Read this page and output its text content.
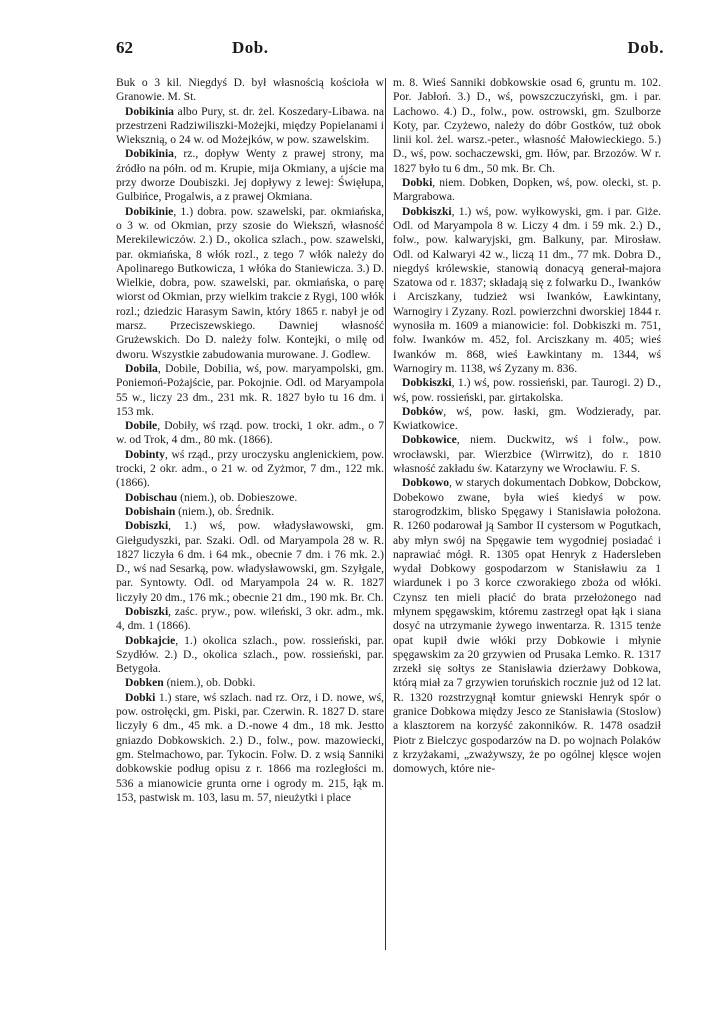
62	Dob.	Dob.

Buk o 3 kil. Niegdyś D. był własnością kościoła w Granowie. M. St.

Dobikinia albo Pury, st. dr. żel. Koszedary-Libawa. na przestrzeni Radziwiliszki-Możejki, między Popielanami i Wieksznią, o 24 w. od Możejków, w pow. szawelskim.

Dobikinia, rz., dopływ Wenty z prawej strony, ma źródło na półn. od m. Krupie, mija Okmiany, a ujście ma przy dworze Doubiszki. Jej dopływy z lewej: Święłupa, Gulbińce, Progalwis, a z prawej Okmiana.

Dobikinie, 1.) dobra. pow. szawelski, par. okmiańska, o 3 w. od Okmian, przy szosie do Wiekszń, własność Merekilewiczów. 2.) D., okolica szlach., pow. szawelski, par. okmiańska, 8 włók rozl., z tego 7 włók należy do Apolinarego Butkowicza, 1 włóka do Staniewicza. 3.) D. Wielkie, dobra, pow. szawelski, par. okmiańska, o parę wiorst od Okmian, przy wielkim trakcie z Rygi, 100 włók rozl.; dziedzic Harasym Sawin, który 1865 r. nabył je od marsz. Przeciszewskiego. Dawniej własność Grużewskich. Do D. należy folw. Kontejki, o milę od dworu. Wszystkie zabudowania murowane. J. Godlew.

Dobila, Dobile, Dobilia, wś, pow. maryampolski, gm. Poniemoń-Pożajście, par. Pokojnie. Odl. od Maryampola 55 w., liczy 23 dm., 231 mk. R. 1827 było tu 16 dm. i 153 mk.

Dobile, Dobiły, wś rząd. pow. trocki, 1 okr. adm., o 7 w. od Trok, 4 dm., 80 mk. (1866).

Dobinty, wś rząd., przy uroczysku anglenickiem, pow. trocki, 2 okr. adm., o 21 w. od Zyżmor, 7 dm., 122 mk. (1866).

Dobischau (niem.), ob. Dobieszowe.

Dobishain (niem.), ob. Średnik.

Dobiszki, 1.) wś, pow. władysławowski, gm. Giełgudyszki, par. Szaki. Odl. od Maryampola 28 w. R. 1827 liczyła 6 dm. i 64 mk., obecnie 7 dm. i 76 mk. 2.) D., wś nad Sesarką, pow. władysławowski, gm. Szyłgale, par. Syntowty. Odl. od Maryampola 24 w. R. 1827 liczyły 20 dm., 176 mk.; obecnie 21 dm., 190 mk. Br. Ch.

Dobiszki, zaśc. pryw., pow. wileński, 3 okr. adm., mk. 4, dm. 1 (1866).

Dobkajcie, 1.) okolica szlach., pow. rossieński, par. Szydłów. 2.) D., okolica szlach., pow. rossieński, par. Betygoła.

Dobken (niem.), ob. Dobki.

Dobki 1.) stare, wś szlach. nad rz. Orz, i D. nowe, wś, pow. ostrołęcki, gm. Piski, par. Czerwin. R. 1827 D. stare liczyły 6 dm., 45 mk. a D.-nowe 4 dm., 18 mk. Jestto gniazdo Dobkowskich. 2.) D., folw., pow. mazowiecki, gm. Stelmachowo, par. Tykocin. Folw. D. z wsią Sanniki dobkowskie podług opisu z r. 1866 ma rozległości m. 536 a mianowicie grunta orne i ogrody m. 215, łąk m. 153, pastwisk m. 103, lasu m. 57, nieużytki i place

m. 8. Wieś Sanniki dobkowskie osad 6, gruntu m. 102. Por. Jabłoń. 3.) D., wś, powszczuczyński, gm. i par. Lachowo. 4.) D., folw., pow. ostrowski, gm. Szulborze Koty, par. Czyżewo, należy do dóbr Gostków, tuż obok linii kol. żel. warsz.-peter., własność Małowieckiego. 5.) D., wś, pow. sochaczewski, gm. Iłów, par. Brzozów. W r. 1827 było tu 6 dm., 50 mk. Br. Ch.

Dobki, niem. Dobken, Dopken, wś, pow. olecki, st. p. Margrabowa.

Dobkiszki, 1.) wś, pow. wyłkowyski, gm. i par. Giże. Odl. od Maryampola 8 w. Liczy 4 dm. i 59 mk. 2.) D., folw., pow. kalwaryjski, gm. Balkuny, par. Mirosław. Odl. od Kalwaryi 42 w., liczą 11 dm., 77 mk. Dobra D., niegdyś królewskie, stanowią donacyą generał-majora Szatowa od r. 1837; składają się z folwarku D., Iwanków i Arciszkany, tudzież wsi Iwanków, Ławkintany, Warnogiry i Zyzany. Rozl. powierzchni dworskiej 1844 r. wynosiła m. 1609 a mianowicie: fol. Dobkiszki m. 751, folw. Iwanków m. 452, fol. Arciszkany m. 405; wieś Iwanków m. 868, wieś Ławkintany m. 1344, wś Warnogiry m. 1138, wś Zyzany m. 836.

Dobkiszki, 1.) wś, pow. rossieński, par. Taurogi. 2) D., wś, pow. rossieński, par. girtakolska.

Dobków, wś, pow. łaski, gm. Wodzierady, par. Kwiatkowice.

Dobkowice, niem. Duckwitz, wś i folw., pow. wrocławski, par. Wierzbice (Wirrwitz), do r. 1810 własność zakładu św. Katarzyny we Wrocławiu. F. S.

Dobkowo, w starych dokumentach Dobkow, Dobckow, Dobekowo zwane, była wieś kiedyś w pow. starogrodzkim, blisko Spęgawy i Stanisławia położona. R. 1260 podarował ją Sambor II cystersom w Pogutkach, aby młyn swój na Spęgawie tem wygodniej posiadać i naprawiać mógł. R. 1305 opat Henryk z Hadersleben wydał Dobkowy gospodarzom w Stanisławiu za 1 wiardunek i po 3 korce czworakiego zboża od włóki. Czynsz ten mieli płacić do brata przełożonego nad młynem spęgawskim, któremu zastrzegł opat łąk i siana dosyć na utrzymanie żywego inwentarza. R. 1315 tenże opat kupił dwie włóki przy Dobkowie i młynie spęgawskim za 20 grzywien od Prusaka Lemko. R. 1317 zrzekł się sołtys ze Stanisławia dzierżawy Dobkowa, którą miał za 7 grzywien toruńskich rocznie już od 12 lat. R. 1320 rozstrzygnął komtur gniewski Henryk spór o granice Dobkowa między Jesco ze Stanisławia (Stoslow) a klasztorem na korzyść zakonników. R. 1478 osadził Piotr z Bielczyc gospodarzów na D. po wojnach Polaków z krzyżakami, „zważywszy, że po ogólnej klęsce wojen domowych, które nie-
